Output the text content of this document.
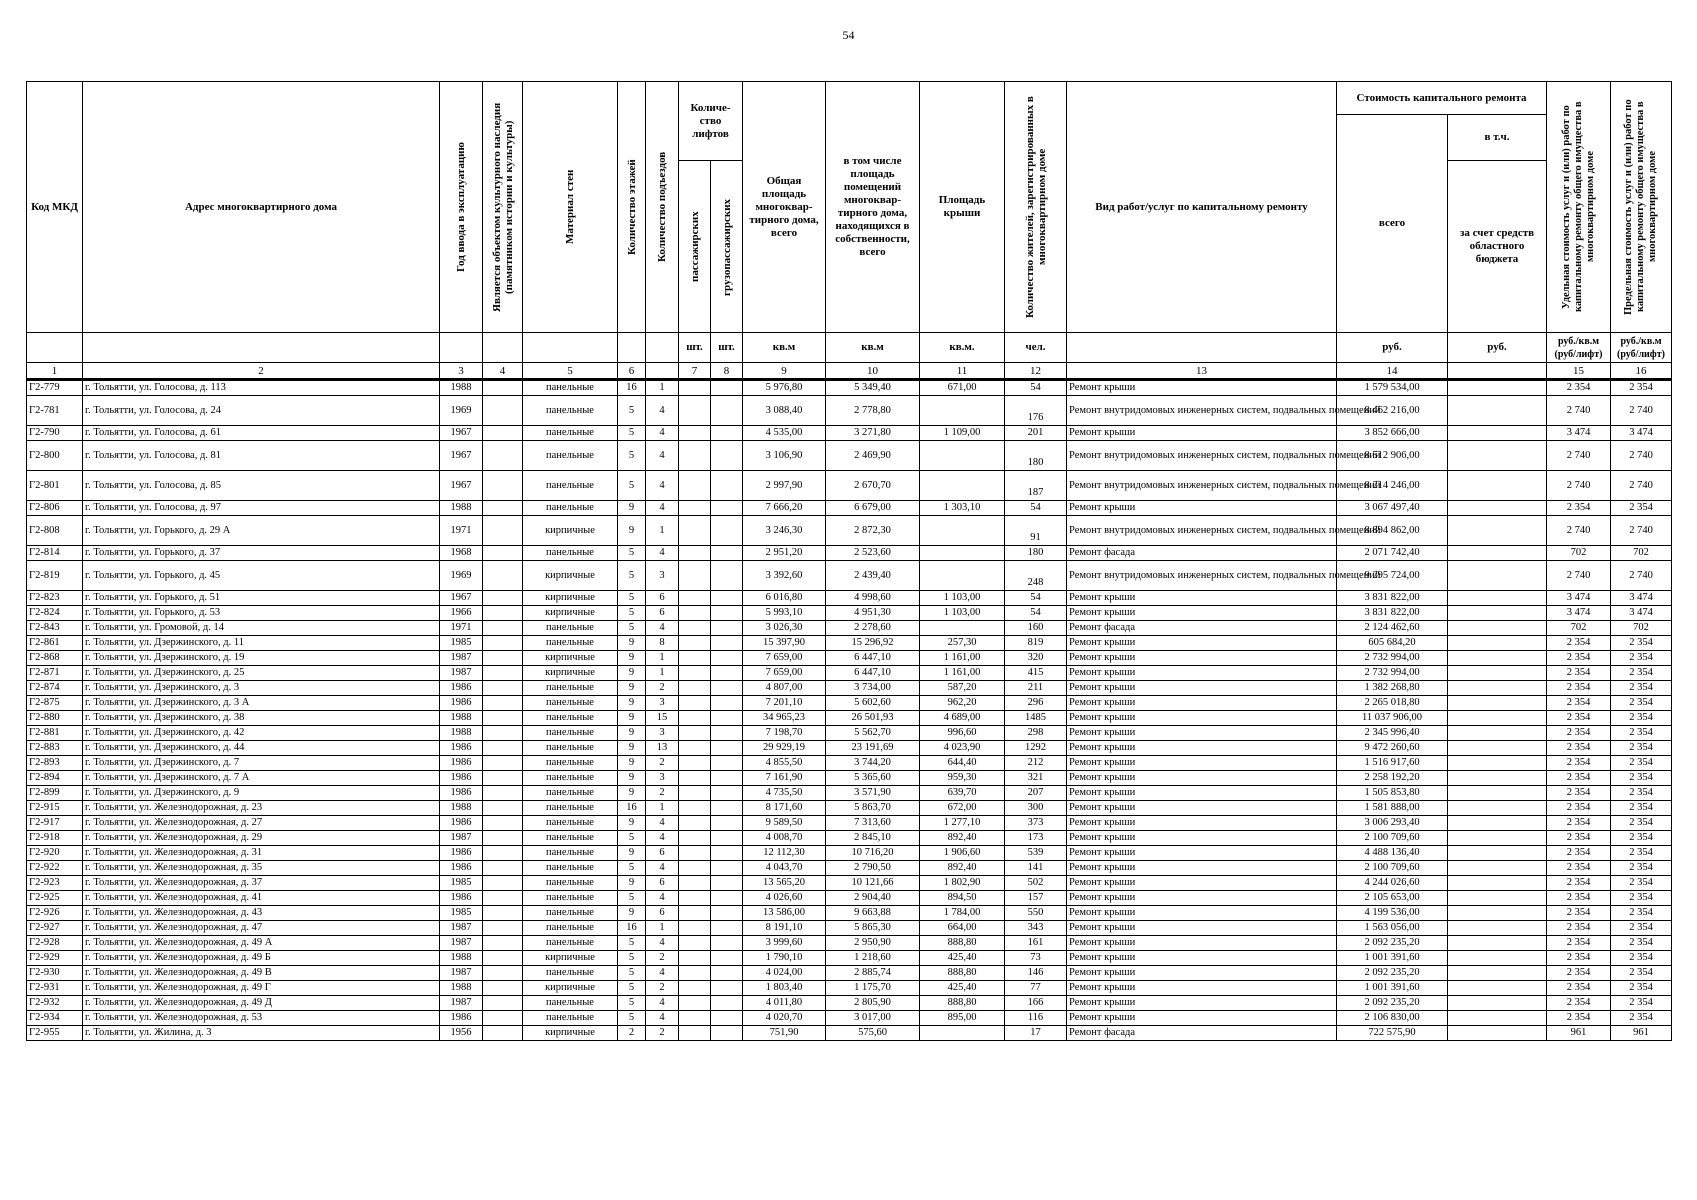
54
Код МКД	Адрес многоквартирного дома	Год ввода в эксплуатацию	Является объектом культурного наследия (памятником истории и культуры)	Материал стен	Количество этажей	Количество подъездов	Количе-ство лифтов		Общая площадь многоквар-тирного дома, всего	в том числе площадь помещений многоквар-тирного дома, находящихся в собственности, всего	Площадь крыши	Количество жителей, зарегистрированных в многоквартирном доме	Вид работ/услуг по капитальному ремонту	Стоимость капитального ремонта		Удельная стоимость услуг и (или) работ по капитальному ремонту общего имущества в многоквартирном доме	Предельная стоимость услуг и (или) работ по капитальному ремонту общего имущества в многоквартирном доме

														всего	в т.ч.		

							пассажирских	грузопассажирских							за счет средств областного бюджета		
							шт.	шт.	кв.м	кв.м	кв.м.	чел.		руб.	руб.	руб./кв.м (руб/лифт)	руб./кв.м (руб/лифт)
1	2	3	4	5	6		7	8	9	10	11	12	13	14		15	16
Г2-779	г. Тольятти, ул. Голосова, д. 113	1988		панельные	16	1			5 976,80	5 349,40	671,00	54	Ремонт крыши	1 579 534,00		2 354	2 354
Г2-781	г. Тольятти, ул. Голосова, д. 24	1969		панельные	5	4			3 088,40	2 778,80		176	Ремонт внутридомовых инженерных систем, подвальных помещений	8 462 216,00		2 740	2 740
Г2-790	г. Тольятти, ул. Голосова, д. 61	1967		панельные	5	4			4 535,00	3 271,80	1 109,00	201	Ремонт крыши	3 852 666,00		3 474	3 474
Г2-800	г. Тольятти, ул. Голосова, д. 81	1967		панельные	5	4			3 106,90	2 469,90		180	Ремонт внутридомовых инженерных систем, подвальных помещений	8 512 906,00		2 740	2 740
Г2-801	г. Тольятти, ул. Голосова, д. 85	1967		панельные	5	4			2 997,90	2 670,70		187	Ремонт внутридомовых инженерных систем, подвальных помещений	8 214 246,00		2 740	2 740
Г2-806	г. Тольятти, ул. Голосова, д. 97	1988		панельные	9	4			7 666,20	6 679,00	1 303,10	54	Ремонт крыши	3 067 497,40		2 354	2 354
Г2-808	г. Тольятти, ул. Горького, д. 29 А	1971		кирпичные	9	1			3 246,30	2 872,30		91	Ремонт внутридомовых инженерных систем, подвальных помещений	8 894 862,00		2 740	2 740
Г2-814	г. Тольятти, ул. Горького, д. 37	1968		панельные	5	4			2 951,20	2 523,60		180	Ремонт фасада	2 071 742,40		702	702
Г2-819	г. Тольятти, ул. Горького, д. 45	1969		кирпичные	5	3			3 392,60	2 439,40		248	Ремонт внутридомовых инженерных систем, подвальных помещений	9 295 724,00		2 740	2 740
Г2-823	г. Тольятти, ул. Горького, д. 51	1967		кирпичные	5	6			6 016,80	4 998,60	1 103,00	54	Ремонт крыши	3 831 822,00		3 474	3 474
Г2-824	г. Тольятти, ул. Горького, д. 53	1966		кирпичные	5	6			5 993,10	4 951,30	1 103,00	54	Ремонт крыши	3 831 822,00		3 474	3 474
Г2-843	г. Тольятти, ул. Громовой, д. 14	1971		панельные	5	4			3 026,30	2 278,60		160	Ремонт фасада	2 124 462,60		702	702
Г2-861	г. Тольятти, ул. Дзержинского, д. 11	1985		панельные	9	8			15 397,90	15 296,92	257,30	819	Ремонт крыши	605 684,20		2 354	2 354
Г2-868	г. Тольятти, ул. Дзержинского, д. 19	1987		кирпичные	9	1			7 659,00	6 447,10	1 161,00	320	Ремонт крыши	2 732 994,00		2 354	2 354
Г2-871	г. Тольятти, ул. Дзержинского, д. 25	1987		кирпичные	9	1			7 659,00	6 447,10	1 161,00	415	Ремонт крыши	2 732 994,00		2 354	2 354
Г2-874	г. Тольятти, ул. Дзержинского, д. 3	1986		панельные	9	2			4 807,00	3 734,00	587,20	211	Ремонт крыши	1 382 268,80		2 354	2 354
Г2-875	г. Тольятти, ул. Дзержинского, д. 3 А	1986		панельные	9	3			7 201,10	5 602,60	962,20	296	Ремонт крыши	2 265 018,80		2 354	2 354
Г2-880	г. Тольятти, ул. Дзержинского, д. 38	1988		панельные	9	15			34 965,23	26 501,93	4 689,00	1485	Ремонт крыши	11 037 906,00		2 354	2 354
Г2-881	г. Тольятти, ул. Дзержинского, д. 42	1988		панельные	9	3			7 198,70	5 562,70	996,60	298	Ремонт крыши	2 345 996,40		2 354	2 354
Г2-883	г. Тольятти, ул. Дзержинского, д. 44	1986		панельные	9	13			29 929,19	23 191,69	4 023,90	1292	Ремонт крыши	9 472 260,60		2 354	2 354
Г2-893	г. Тольятти, ул. Дзержинского, д. 7	1986		панельные	9	2			4 855,50	3 744,20	644,40	212	Ремонт крыши	1 516 917,60		2 354	2 354
Г2-894	г. Тольятти, ул. Дзержинского, д. 7 А	1986		панельные	9	3			7 161,90	5 365,60	959,30	321	Ремонт крыши	2 258 192,20		2 354	2 354
Г2-899	г. Тольятти, ул. Дзержинского, д. 9	1986		панельные	9	2			4 735,50	3 571,90	639,70	207	Ремонт крыши	1 505 853,80		2 354	2 354
Г2-915	г. Тольятти, ул. Железнодорожная, д. 23	1988		панельные	16	1			8 171,60	5 863,70	672,00	300	Ремонт крыши	1 581 888,00		2 354	2 354
Г2-917	г. Тольятти, ул. Железнодорожная, д. 27	1986		панельные	9	4			9 589,50	7 313,60	1 277,10	373	Ремонт крыши	3 006 293,40		2 354	2 354
Г2-918	г. Тольятти, ул. Железнодорожная, д. 29	1987		панельные	5	4			4 008,70	2 845,10	892,40	173	Ремонт крыши	2 100 709,60		2 354	2 354
Г2-920	г. Тольятти, ул. Железнодорожная, д. 31	1986		панельные	9	6			12 112,30	10 716,20	1 906,60	539	Ремонт крыши	4 488 136,40		2 354	2 354
Г2-922	г. Тольятти, ул. Железнодорожная, д. 35	1986		панельные	5	4			4 043,70	2 790,50	892,40	141	Ремонт крыши	2 100 709,60		2 354	2 354
Г2-923	г. Тольятти, ул. Железнодорожная, д. 37	1985		панельные	9	6			13 565,20	10 121,66	1 802,90	502	Ремонт крыши	4 244 026,60		2 354	2 354
Г2-925	г. Тольятти, ул. Железнодорожная, д. 41	1986		панельные	5	4			4 026,60	2 904,40	894,50	157	Ремонт крыши	2 105 653,00		2 354	2 354
Г2-926	г. Тольятти, ул. Железнодорожная, д. 43	1985		панельные	9	6			13 586,00	9 663,88	1 784,00	550	Ремонт крыши	4 199 536,00		2 354	2 354
Г2-927	г. Тольятти, ул. Железнодорожная, д. 47	1987		панельные	16	1			8 191,10	5 865,30	664,00	343	Ремонт крыши	1 563 056,00		2 354	2 354
Г2-928	г. Тольятти, ул. Железнодорожная, д. 49 А	1987		панельные	5	4			3 999,60	2 950,90	888,80	161	Ремонт крыши	2 092 235,20		2 354	2 354
Г2-929	г. Тольятти, ул. Железнодорожная, д. 49 Б	1988		кирпичные	5	2			1 790,10	1 218,60	425,40	73	Ремонт крыши	1 001 391,60		2 354	2 354
Г2-930	г. Тольятти, ул. Железнодорожная, д. 49 В	1987		панельные	5	4			4 024,00	2 885,74	888,80	146	Ремонт крыши	2 092 235,20		2 354	2 354
Г2-931	г. Тольятти, ул. Железнодорожная, д. 49 Г	1988		кирпичные	5	2			1 803,40	1 175,70	425,40	77	Ремонт крыши	1 001 391,60		2 354	2 354
Г2-932	г. Тольятти, ул. Железнодорожная, д. 49 Д	1987		панельные	5	4			4 011,80	2 805,90	888,80	166	Ремонт крыши	2 092 235,20		2 354	2 354
Г2-934	г. Тольятти, ул. Железнодорожная, д. 53	1986		панельные	5	4			4 020,70	3 017,00	895,00	116	Ремонт крыши	2 106 830,00		2 354	2 354
Г2-955	г. Тольятти, ул. Жилина, д. 3	1956		кирпичные	2	2			751,90	575,60		17	Ремонт фасада	722 575,90		961	961
